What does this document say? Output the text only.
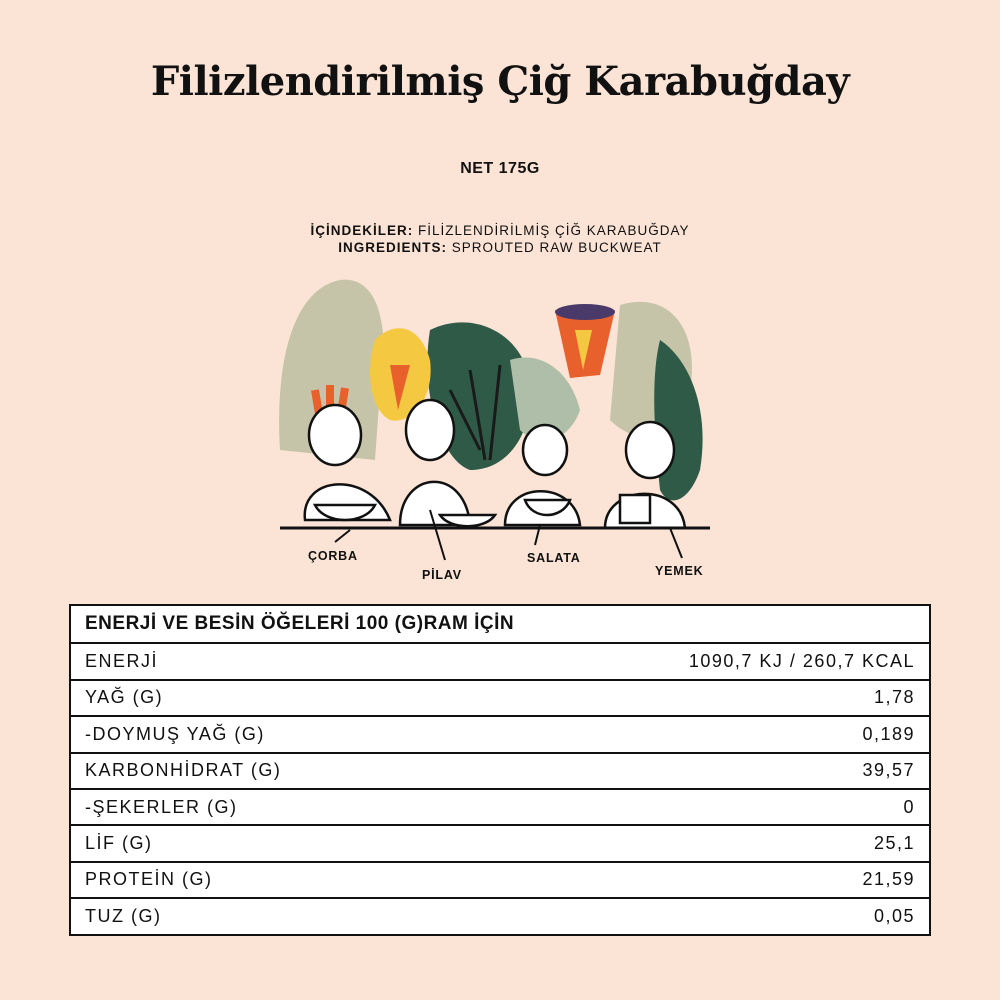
Filizlendirilmiş Çiğ Karabuğday
NET 175G
İÇİNDEKİLER: FİLİZLENDİRİLMİŞ ÇİĞ KARABUĞDAY
INGREDIENTS: SPROUTED RAW BUCKWEAT
ÇORBA
PİLAV
SALATA
YEMEK
ENERJİ VE BESİN ÖĞELERİ 100 (G)RAM İÇİN
ENERJİ	1090,7 KJ / 260,7 KCAL
YAĞ (G)	1,78
-DOYMUŞ YAĞ (G)	0,189
KARBONHİDRAT (G)	39,57
-ŞEKERLER (G)	0
LİF (G)	25,1
PROTEİN (G)	21,59
TUZ (G)	0,05
